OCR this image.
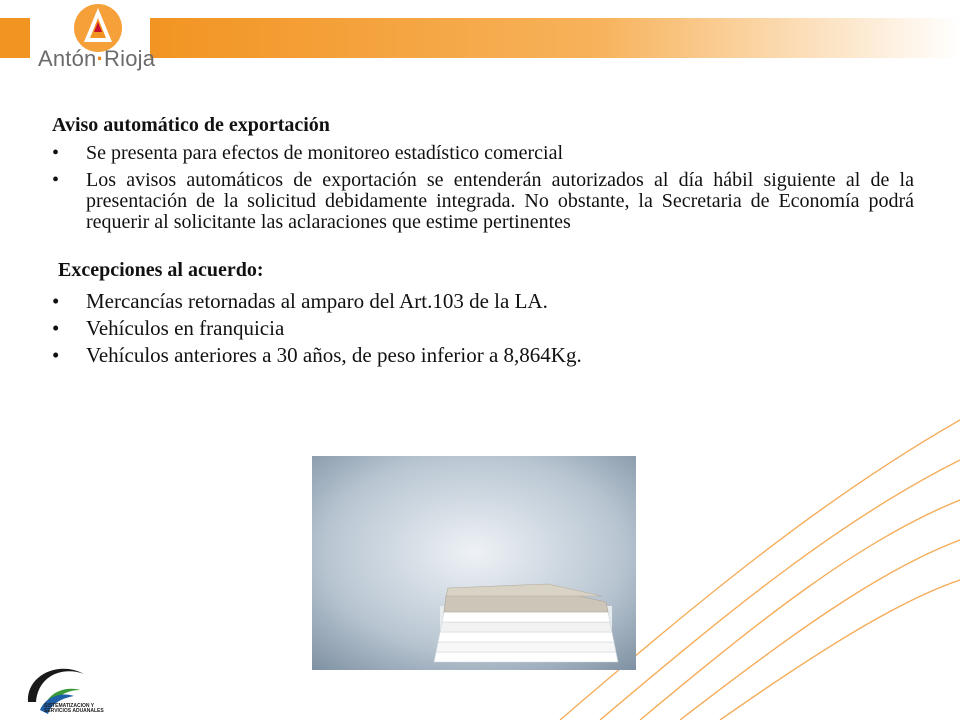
Antón·Rioja
Aviso automático de exportación
• Se presenta para efectos de monitoreo estadístico comercial
• Los avisos automáticos de exportación se entenderán autorizados al día hábil siguiente al de la presentación de la solicitud debidamente integrada. No obstante, la Secretaria de Economía podrá requerir al solicitante las aclaraciones que estime pertinentes
Excepciones al acuerdo:
• Mercancías retornadas al amparo del Art.103 de la LA.
• Vehículos en franquicia
• Vehículos anteriores a 30 años, de peso inferior a 8,864Kg.
SISTEMATIZACION Y
SERVICIOS ADUANALES
